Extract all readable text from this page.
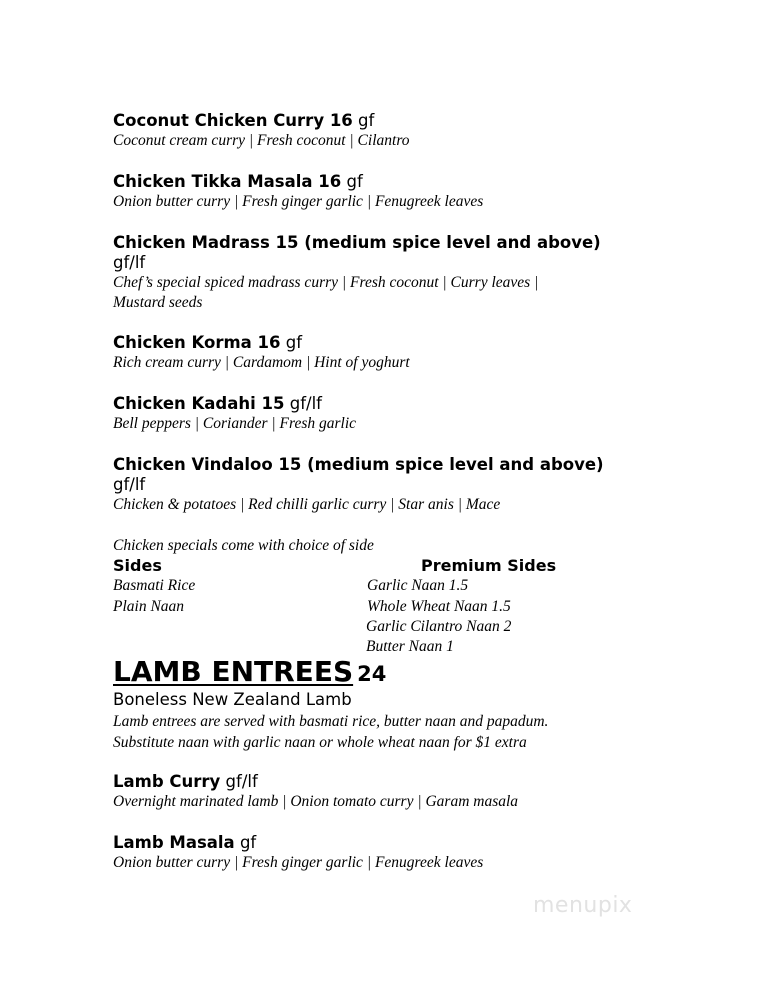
Coconut Chicken Curry 16 gf
Coconut cream curry | Fresh coconut | Cilantro
Chicken Tikka Masala 16 gf
Onion butter curry | Fresh ginger garlic | Fenugreek leaves
Chicken Madrass 15 (medium spice level and above)
gf/lf
Chef’s special spiced madrass curry | Fresh coconut | Curry leaves |
Mustard seeds
Chicken Korma 16 gf
Rich cream curry | Cardamom | Hint of yoghurt
Chicken Kadahi 15 gf/lf
Bell peppers | Coriander | Fresh garlic
Chicken Vindaloo 15 (medium spice level and above)
gf/lf
Chicken & potatoes | Red chilli garlic curry | Star anis | Mace
Chicken specials come with choice of side
Sides	Premium Sides
Basmati Rice
Plain Naan
Garlic Naan 1.5
Whole Wheat Naan 1.5
Garlic Cilantro Naan 2
Butter Naan 1
LAMB ENTREES 24
Boneless New Zealand Lamb
Lamb entrees are served with basmati rice, butter naan and papadum.
Substitute naan with garlic naan or whole wheat naan for $1 extra
Lamb Curry gf/lf
Overnight marinated lamb | Onion tomato curry | Garam masala
Lamb Masala gf
Onion butter curry | Fresh ginger garlic | Fenugreek leaves
menupix
